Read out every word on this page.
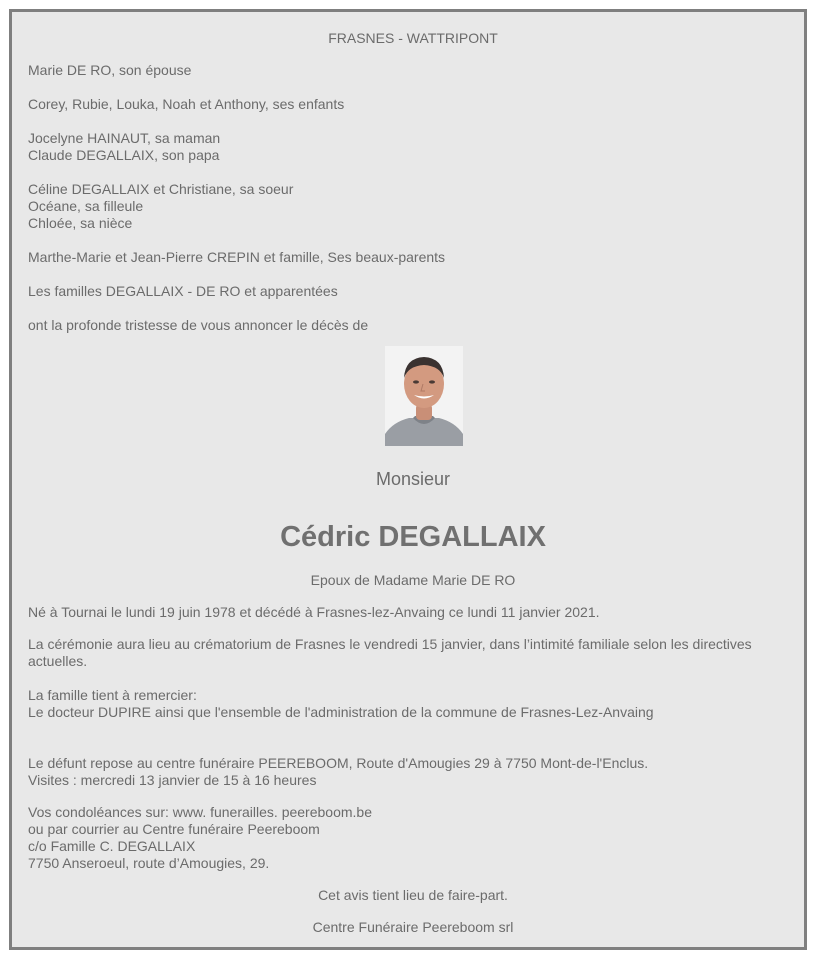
FRASNES - WATTRIPONT
Marie DE RO, son épouse
Corey, Rubie, Louka, Noah et Anthony, ses enfants
Jocelyne HAINAUT, sa maman
Claude DEGALLAIX, son papa
Céline DEGALLAIX et Christiane, sa soeur
Océane, sa filleule
Chloée, sa nièce
Marthe-Marie et Jean-Pierre CREPIN et famille, Ses beaux-parents
Les familles DEGALLAIX - DE RO et apparentées
ont la profonde tristesse de vous annoncer le décès de
Monsieur
Cédric DEGALLAIX
Epoux de Madame Marie DE RO
Né à Tournai le lundi 19 juin 1978 et décédé à Frasnes-lez-Anvaing ce lundi 11 janvier 2021.
La cérémonie aura lieu au crématorium de Frasnes le vendredi 15 janvier, dans l’intimité familiale selon les directives actuelles.
La famille tient à remercier:
Le docteur DUPIRE ainsi que l'ensemble de l'administration de la commune de Frasnes-Lez-Anvaing
Le défunt repose au centre funéraire PEEREBOOM, Route d'Amougies 29 à 7750 Mont-de-l'Enclus.
Visites : mercredi 13 janvier de 15 à 16 heures
Vos condoléances sur: www. funerailles. peereboom.be
ou par courrier au Centre funéraire Peereboom
c/o Famille C. DEGALLAIX
7750 Anseroeul, route d’Amougies, 29.
Cet avis tient lieu de faire-part.
Centre Funéraire Peereboom srl
